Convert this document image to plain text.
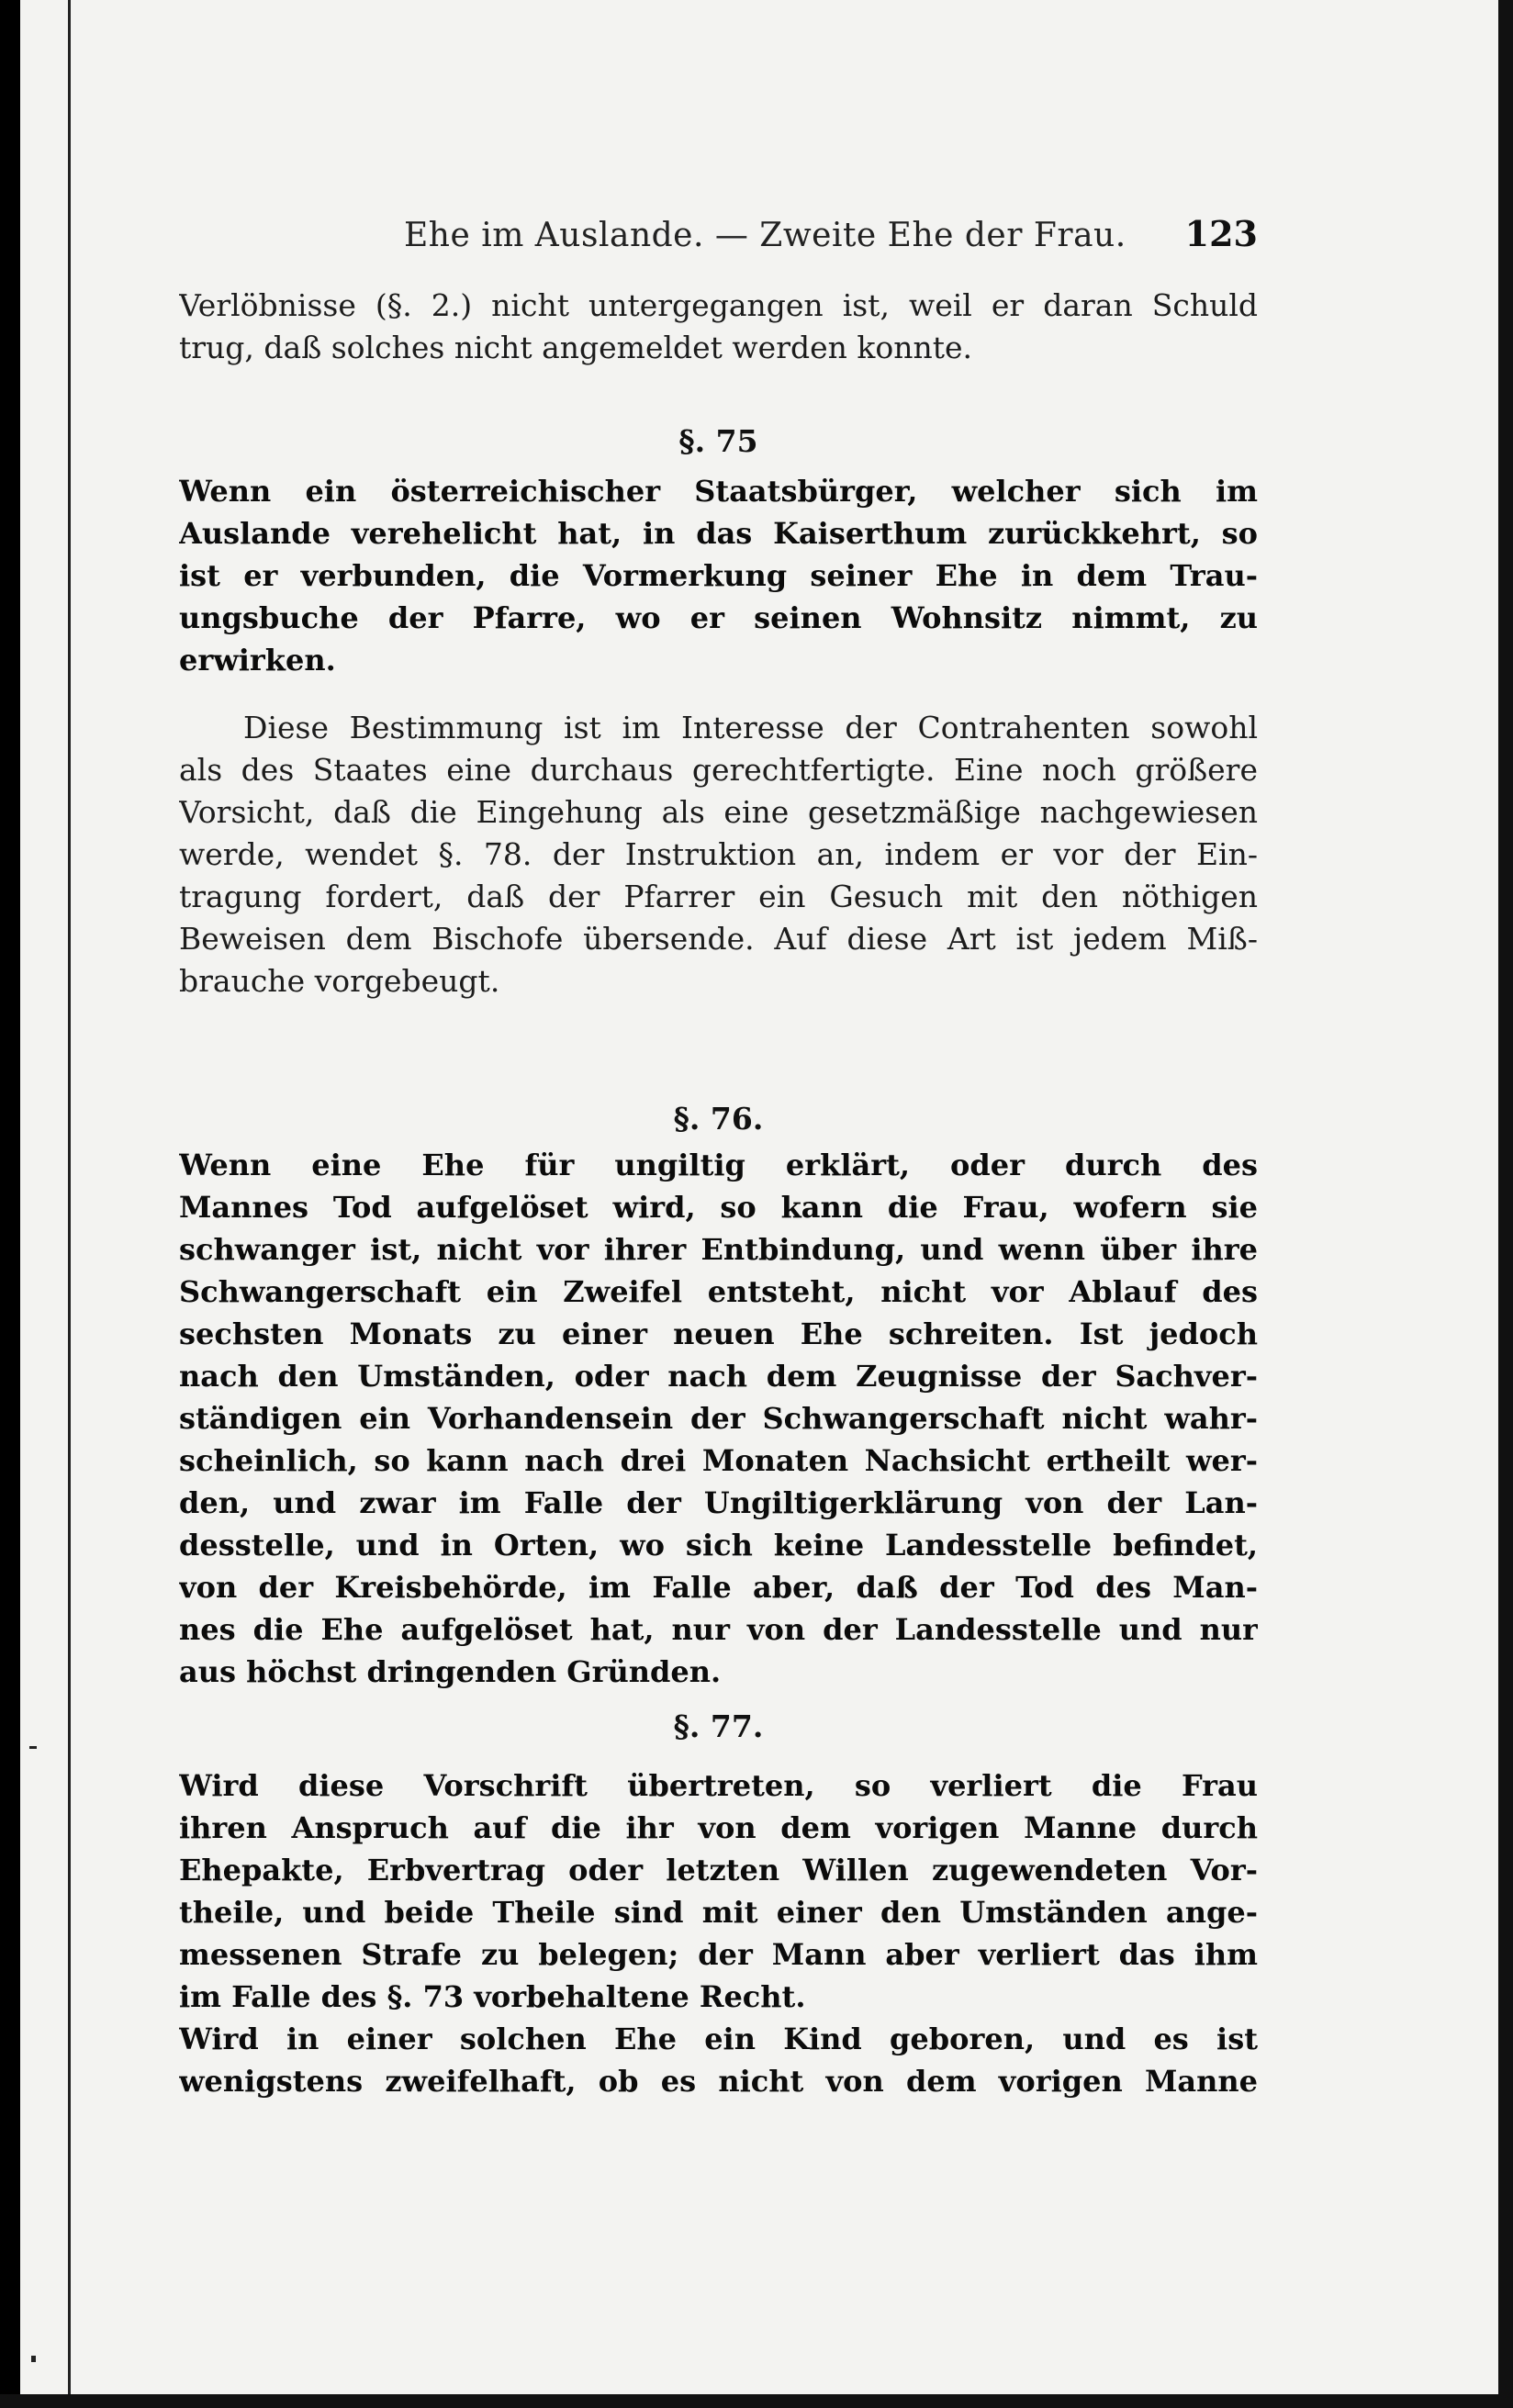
Ehe im Auslande. — Zweite Ehe der Frau. 123
Verlöbnisse (§. 2.) nicht untergegangen ist, weil er daran Schuld
trug, daß solches nicht angemeldet werden konnte.
§. 75
Wenn ein österreichischer Staatsbürger, welcher sich im
Auslande verehelicht hat, in das Kaiserthum zurückkehrt, so
ist er verbunden, die Vormerkung seiner Ehe in dem Trau-
ungsbuche der Pfarre, wo er seinen Wohnsitz nimmt, zu
erwirken.
Diese Bestimmung ist im Interesse der Contrahenten sowohl
als des Staates eine durchaus gerechtfertigte. Eine noch größere
Vorsicht, daß die Eingehung als eine gesetzmäßige nachgewiesen
werde, wendet §. 78. der Instruktion an, indem er vor der Ein-
tragung fordert, daß der Pfarrer ein Gesuch mit den nöthigen
Beweisen dem Bischofe übersende. Auf diese Art ist jedem Miß-
brauche vorgebeugt.
§. 76.
Wenn eine Ehe für ungiltig erklärt, oder durch des
Mannes Tod aufgelöset wird, so kann die Frau, wofern sie
schwanger ist, nicht vor ihrer Entbindung, und wenn über ihre
Schwangerschaft ein Zweifel entsteht, nicht vor Ablauf des
sechsten Monats zu einer neuen Ehe schreiten. Ist jedoch
nach den Umständen, oder nach dem Zeugnisse der Sachver-
ständigen ein Vorhandensein der Schwangerschaft nicht wahr-
scheinlich, so kann nach drei Monaten Nachsicht ertheilt wer-
den, und zwar im Falle der Ungiltigerklärung von der Lan-
desstelle, und in Orten, wo sich keine Landesstelle befindet,
von der Kreisbehörde, im Falle aber, daß der Tod des Man-
nes die Ehe aufgelöset hat, nur von der Landesstelle und nur
aus höchst dringenden Gründen.
§. 77.
Wird diese Vorschrift übertreten, so verliert die Frau
ihren Anspruch auf die ihr von dem vorigen Manne durch
Ehepakte, Erbvertrag oder letzten Willen zugewendeten Vor-
theile, und beide Theile sind mit einer den Umständen ange-
messenen Strafe zu belegen; der Mann aber verliert das ihm
im Falle des §. 73 vorbehaltene Recht.
Wird in einer solchen Ehe ein Kind geboren, und es ist
wenigstens zweifelhaft, ob es nicht von dem vorigen Manne
